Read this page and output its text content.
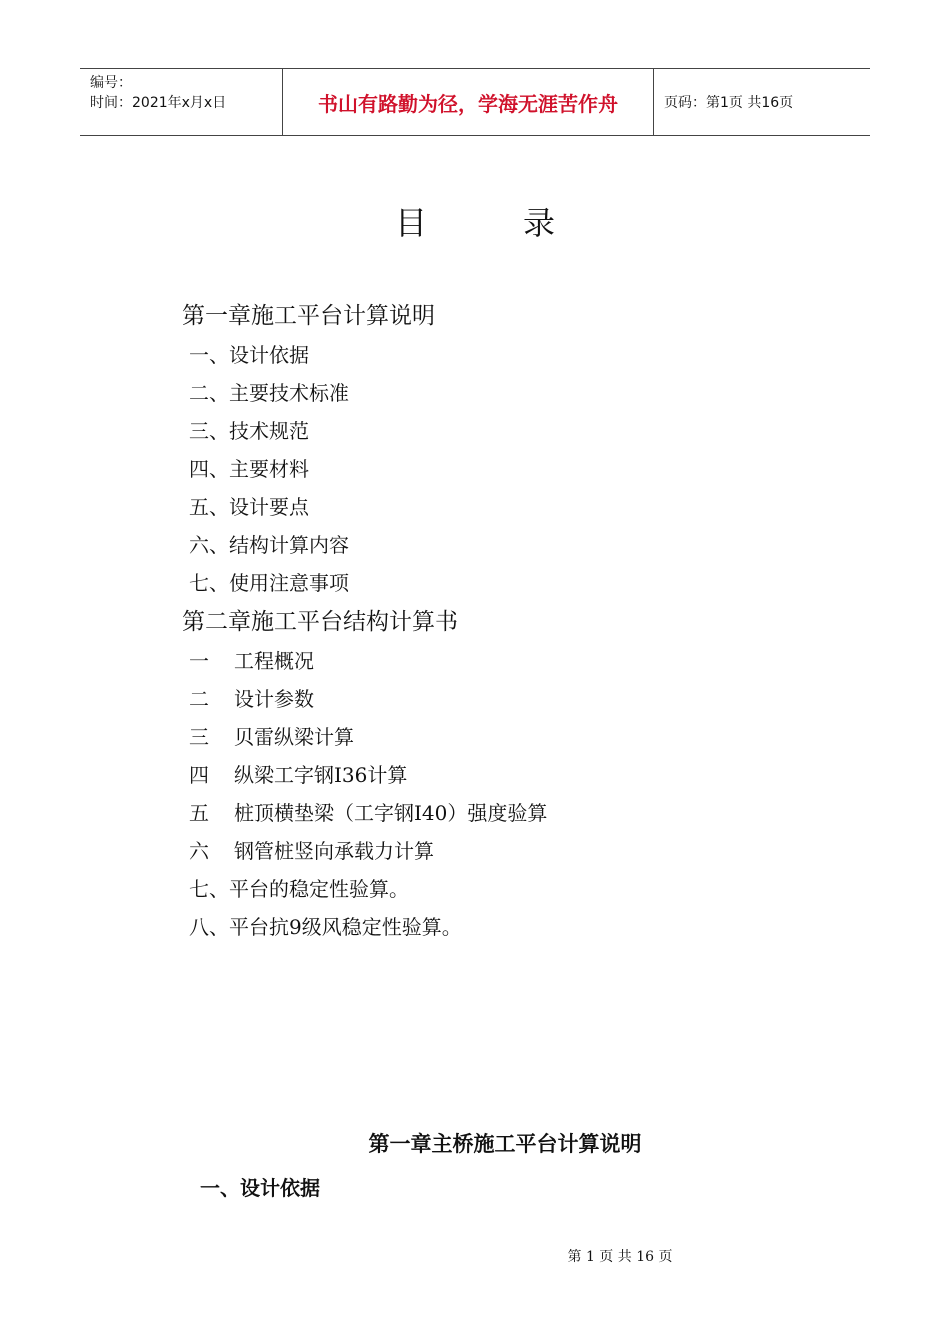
编号：
时间：2021年x月x日	书山有路勤为径，学海无涯苦作舟	页码：第1页 共16页
目	录
第一章施工平台计算说明
一、设计依据
二、主要技术标准
三、技术规范
四、主要材料
五、设计要点
六、结构计算内容
七、使用注意事项
第二章施工平台结构计算书
一 工程概况
二 设计参数
三 贝雷纵梁计算
四 纵梁工字钢I36计算
五 桩顶横垫梁（工字钢I40）强度验算
六 钢管桩竖向承载力计算
七、平台的稳定性验算。
八、平台抗9级风稳定性验算。
第一章主桥施工平台计算说明
一、设计依据
第 1 页 共 16 页
